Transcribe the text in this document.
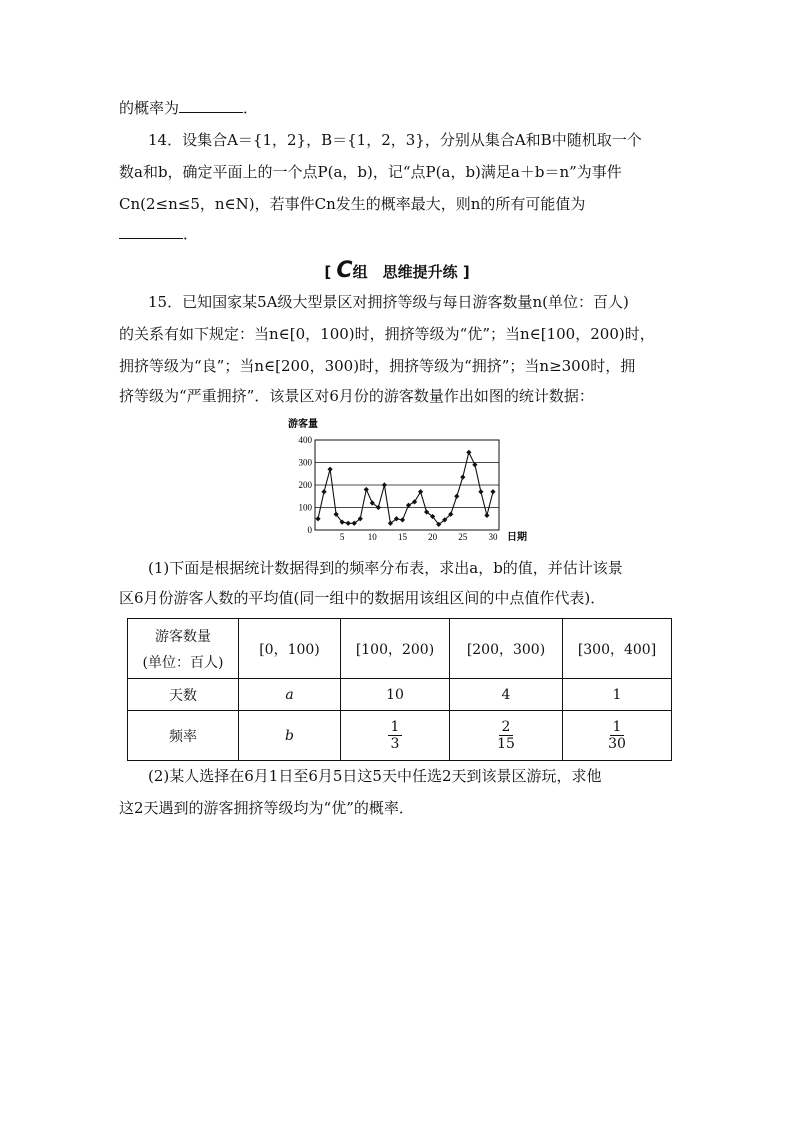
的概率为	．
14．设集合A＝{1，2}，B＝{1，2，3}，分别从集合A和B中随机取一个
数a和b，确定平面上的一个点P(a，b)，记“点P(a，b)满足a＋b＝n”为事件
Cn(2≤n≤5，n∈N)，若事件Cn发生的概率最大，则n的所有可能值为
．
[ C组　思维提升练 ]
15．已知国家某5A级大型景区对拥挤等级与每日游客数量n(单位：百人)
的关系有如下规定：当n∈[0，100)时，拥挤等级为“优”；当n∈[100，200)时，
拥挤等级为“良”；当n∈[200，300)时，拥挤等级为“拥挤”；当n≥300时，拥
挤等级为“严重拥挤”．该景区对6月份的游客数量作出如图的统计数据：
0
100
200
300
400
5	10 15 20 25 30
游客量
日期
(1)下面是根据统计数据得到的频率分布表，求出a，b的值，并估计该景
区6月份游客人数的平均值(同一组中的数据用该组区间的中点值作代表)．
游客数量
(单位：百人)	[0，100)	[100，200)	[200，300)	[300，400]
天数	a	10	4	1
频率	b	$\frac{1}{3}$	$\frac{2}{15}$	$\frac{1}{30}$
(2)某人选择在6月1日至6月5日这5天中任选2天到该景区游玩，求他
这2天遇到的游客拥挤等级均为“优”的概率．
